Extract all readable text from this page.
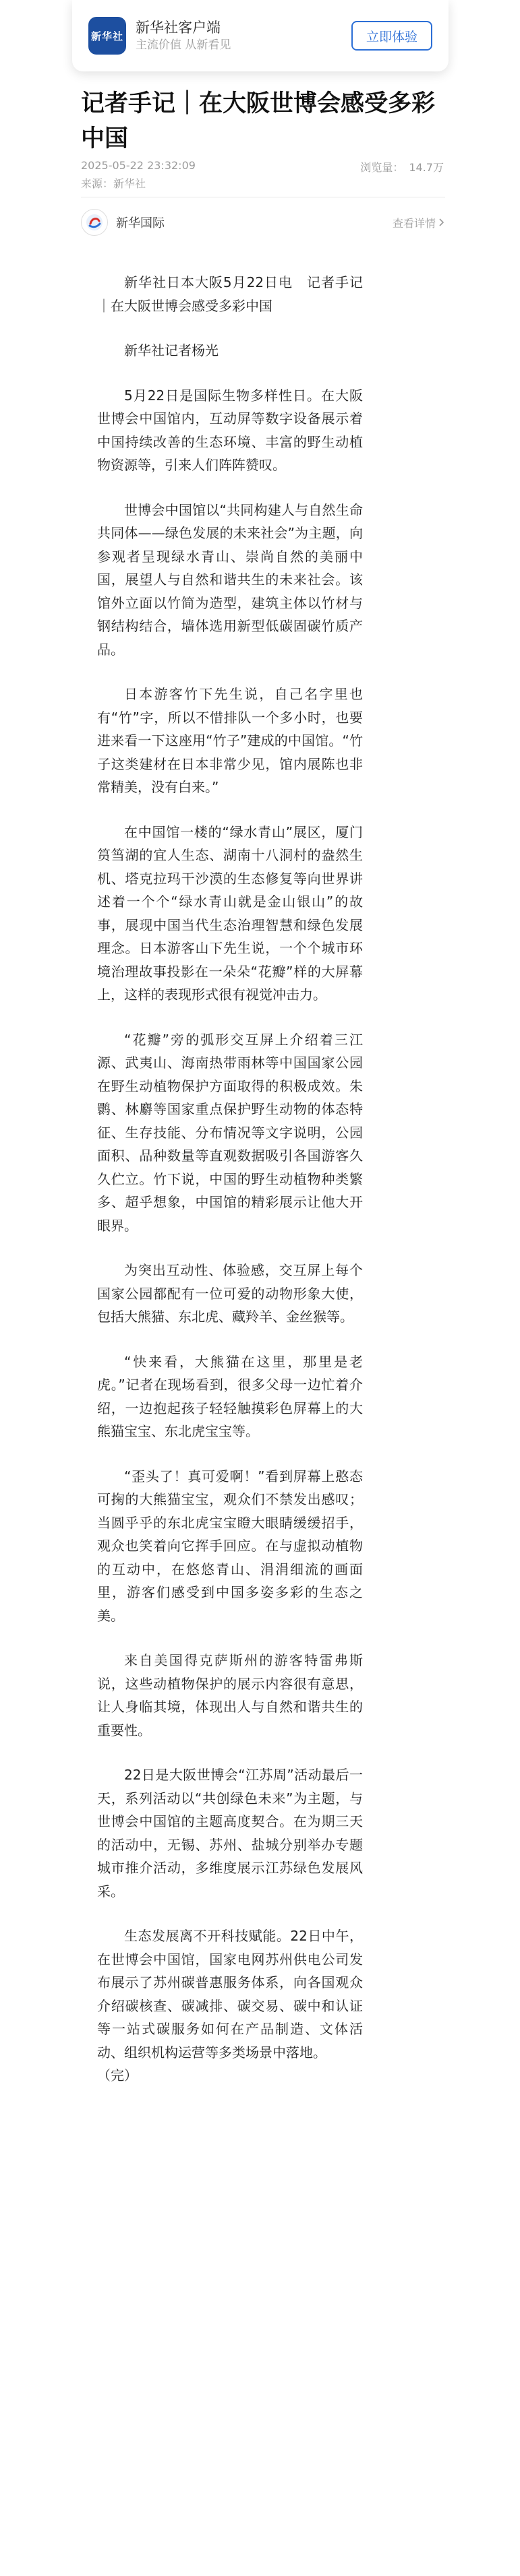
新华社
新华社客户端
主流价值 从新看见
立即体验
记者手记｜在大阪世博会感受多彩中国
2025-05-22 23:32:09	浏览量： 14.7万
来源：新华社
新华国际	查看详情

新华社日本大阪5月22日电　记者手记｜在大阪世博会感受多彩中国

新华社记者杨光

5月22日是国际生物多样性日。在大阪世博会中国馆内，互动屏等数字设备展示着中国持续改善的生态环境、丰富的野生动植物资源等，引来人们阵阵赞叹。

世博会中国馆以“共同构建人与自然生命共同体——绿色发展的未来社会”为主题，向参观者呈现绿水青山、崇尚自然的美丽中国，展望人与自然和谐共生的未来社会。该馆外立面以竹简为造型，建筑主体以竹材与钢结构结合，墙体选用新型低碳固碳竹质产品。

日本游客竹下先生说，自己名字里也有“竹”字，所以不惜排队一个多小时，也要进来看一下这座用“竹子”建成的中国馆。“竹子这类建材在日本非常少见，馆内展陈也非常精美，没有白来。”

在中国馆一楼的“绿水青山”展区，厦门筼筜湖的宜人生态、湖南十八洞村的盎然生机、塔克拉玛干沙漠的生态修复等向世界讲述着一个个“绿水青山就是金山银山”的故事，展现中国当代生态治理智慧和绿色发展理念。日本游客山下先生说，一个个城市环境治理故事投影在一朵朵“花瓣”样的大屏幕上，这样的表现形式很有视觉冲击力。

“花瓣”旁的弧形交互屏上介绍着三江源、武夷山、海南热带雨林等中国国家公园在野生动植物保护方面取得的积极成效。朱鹮、林麝等国家重点保护野生动物的体态特征、生存技能、分布情况等文字说明，公园面积、品种数量等直观数据吸引各国游客久久伫立。竹下说，中国的野生动植物种类繁多、超乎想象，中国馆的精彩展示让他大开眼界。

为突出互动性、体验感，交互屏上每个国家公园都配有一位可爱的动物形象大使，包括大熊猫、东北虎、藏羚羊、金丝猴等。

“快来看，大熊猫在这里，那里是老虎。”记者在现场看到，很多父母一边忙着介绍，一边抱起孩子轻轻触摸彩色屏幕上的大熊猫宝宝、东北虎宝宝等。

“歪头了！真可爱啊！”看到屏幕上憨态可掬的大熊猫宝宝，观众们不禁发出感叹；当圆乎乎的东北虎宝宝瞪大眼睛缓缓招手，观众也笑着向它挥手回应。在与虚拟动植物的互动中，在悠悠青山、涓涓细流的画面里，游客们感受到中国多姿多彩的生态之美。

来自美国得克萨斯州的游客特雷弗斯说，这些动植物保护的展示内容很有意思，让人身临其境，体现出人与自然和谐共生的重要性。

22日是大阪世博会“江苏周”活动最后一天，系列活动以“共创绿色未来”为主题，与世博会中国馆的主题高度契合。在为期三天的活动中，无锡、苏州、盐城分别举办专题城市推介活动，多维度展示江苏绿色发展风采。

生态发展离不开科技赋能。22日中午，在世博会中国馆，国家电网苏州供电公司发布展示了苏州碳普惠服务体系，向各国观众介绍碳核查、碳减排、碳交易、碳中和认证等一站式碳服务如何在产品制造、文体活动、组织机构运营等多类场景中落地。

（完）
